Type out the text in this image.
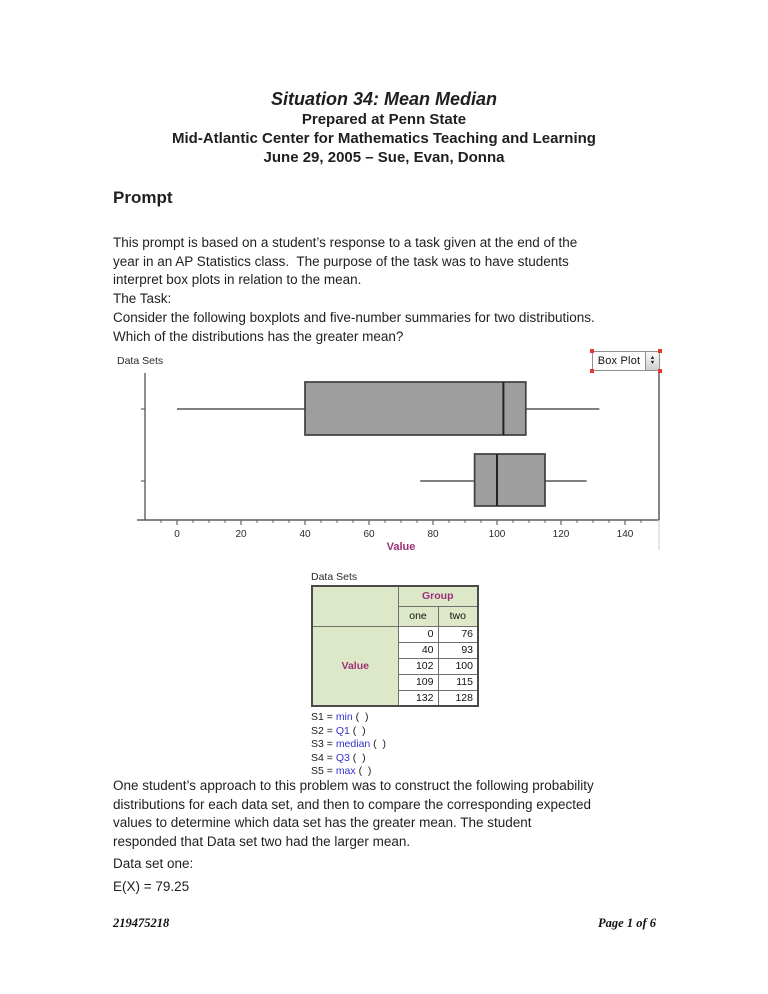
Situation 34: Mean Median
Prepared at Penn State
Mid-Atlantic Center for Mathematics Teaching and Learning
June 29, 2005 – Sue, Evan, Donna
Prompt
This prompt is based on a student’s response to a task given at the end of the
year in an AP Statistics class.  The purpose of the task was to have students
interpret box plots in relation to the mean.
The Task:
Consider the following boxplots and five-number summaries for two distributions.
Which of the distributions has the greater mean?
Data Sets
0	20	40	60	80	100	120	140
Value
Box Plot	▲
▼
Data Sets
	Group	
	one	two
Value	0	76
	40	93
	102	100
	109	115
	132	128
S1 = min (  )
S2 = Q1 (  )
S3 = median (  )
S4 = Q3 (  )
S5 = max (  )
One student’s approach to this problem was to construct the following probability
distributions for each data set, and then to compare the corresponding expected
values to determine which data set has the greater mean. The student
responded that Data set two had the larger mean.
Data set one:
E(X) = 79.25
219475218	Page 1 of 6
